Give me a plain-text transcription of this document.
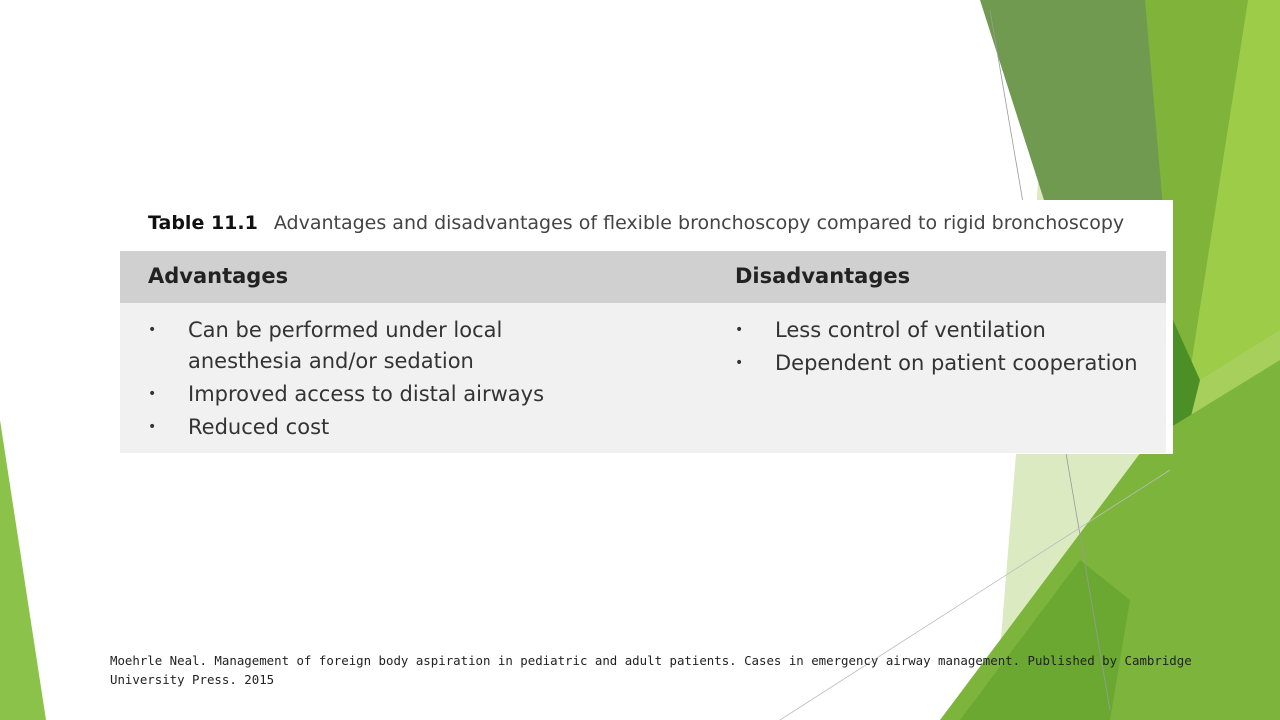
Table 11.1 Advantages and disadvantages of flexible bronchoscopy compared to rigid bronchoscopy
Advantages	Disadvantages
• Can be performed under local anesthesia and/or sedation
• Improved access to distal airways
• Reduced cost
• Less control of ventilation
• Dependent on patient cooperation
Moehrle Neal. Management of foreign body aspiration in pediatric and adult patients. Cases in emergency airway management. Published by Cambridge University Press. 2015
